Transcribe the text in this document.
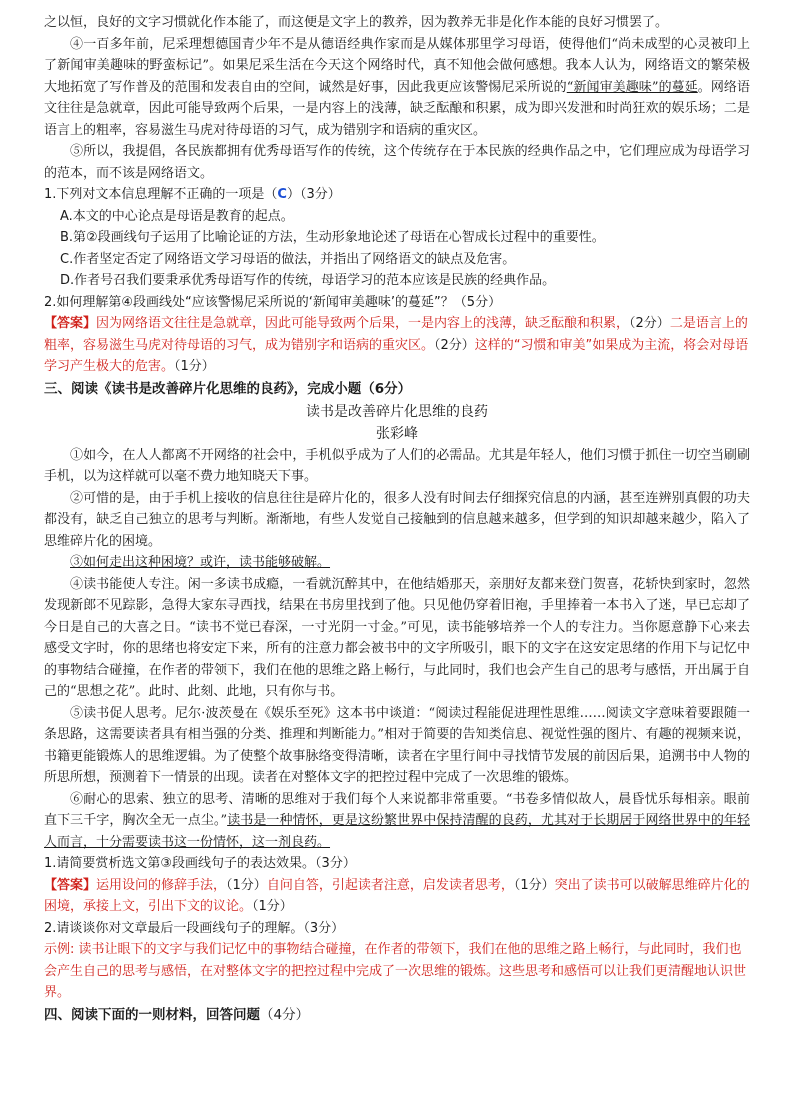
之以恒，良好的文字习惯就化作本能了，而这便是文字上的教养，因为教养无非是化作本能的良好习惯罢了。

④一百多年前，尼采理想德国青少年不是从德语经典作家而是从媒体那里学习母语，使得他们“尚未成型的心灵被印上了新闻审美趣味的野蛮标记”。如果尼采生活在今天这个网络时代，真不知他会做何感想。我本人认为，网络语文的繁荣极大地拓宽了写作普及的范围和发表自由的空间，诚然是好事，因此我更应该警惕尼采所说的“新闻审美趣味”的蔓延。网络语文往往是急就章，因此可能导致两个后果，一是内容上的浅薄，缺乏酝酿和积累，成为即兴发泄和时尚狂欢的娱乐场；二是语言上的粗率，容易滋生马虎对待母语的习气，成为错别字和语病的重灾区。

⑤所以，我提倡，各民族都拥有优秀母语写作的传统，这个传统存在于本民族的经典作品之中，它们理应成为母语学习的范本，而不该是网络语文。

1.下列对文本信息理解不正确的一项是（C）（3分）

A.本文的中心论点是母语是教育的起点。

B.第②段画线句子运用了比喻论证的方法，生动形象地论述了母语在心智成长过程中的重要性。

C.作者坚定否定了网络语文学习母语的做法，并指出了网络语文的缺点及危害。

D.作者号召我们要秉承优秀母语写作的传统，母语学习的范本应该是民族的经典作品。

2.如何理解第④段画线处“应该警惕尼采所说的‘新闻审美趣味’的蔓延”？（5分）

【答案】因为网络语文往往是急就章，因此可能导致两个后果，一是内容上的浅薄，缺乏酝酿和积累，（2分）二是语言上的粗率，容易滋生马虎对待母语的习气，成为错别字和语病的重灾区。（2分）这样的“习惯和审美”如果成为主流，将会对母语学习产生极大的危害。（1分）

三、阅读《读书是改善碎片化思维的良药》，完成小题（6分）

读书是改善碎片化思维的良药

张彩峰

①如今，在人人都离不开网络的社会中，手机似乎成为了人们的必需品。尤其是年轻人，他们习惯于抓住一切空当刷刷手机，以为这样就可以毫不费力地知晓天下事。

②可惜的是，由于手机上接收的信息往往是碎片化的，很多人没有时间去仔细探究信息的内涵，甚至连辨别真假的功夫都没有，缺乏自己独立的思考与判断。渐渐地，有些人发觉自己接触到的信息越来越多，但学到的知识却越来越少，陷入了思维碎片化的困境。

③如何走出这种困境？或许，读书能够破解。

④读书能使人专注。闲一多读书成瘾，一看就沉醉其中，在他结婚那天，亲朋好友都来登门贺喜，花轿快到家时，忽然发现新郎不见踪影，急得大家东寻西找，结果在书房里找到了他。只见他仍穿着旧袍，手里捧着一本书入了迷，早已忘却了今日是自己的大喜之日。“读书不觉已春深，一寸光阴一寸金。”可见，读书能够培养一个人的专注力。当你愿意静下心来去感受文字时，你的思绪也将安定下来，所有的注意力都会被书中的文字所吸引，眼下的文字在这安定思绪的作用下与记忆中的事物结合碰撞，在作者的带领下，我们在他的思维之路上畅行，与此同时，我们也会产生自己的思考与感悟，开出属于自己的“思想之花”。此时、此刻、此地，只有你与书。

⑤读书促人思考。尼尔·波茨曼在《娱乐至死》这本书中谈道：“阅读过程能促进理性思维……阅读文字意味着要跟随一条思路，这需要读者具有相当强的分类、推理和判断能力。”相对于简要的告知类信息、视觉性强的图片、有趣的视频来说，书籍更能锻炼人的思维逻辑。为了使整个故事脉络变得清晰，读者在字里行间中寻找情节发展的前因后果，追溯书中人物的所思所想，预测着下一情景的出现。读者在对整体文字的把控过程中完成了一次思维的锻炼。

⑥耐心的思索、独立的思考、清晰的思维对于我们每个人来说都非常重要。“书卷多情似故人，晨昏忧乐每相亲。眼前直下三千字，胸次全无一点尘。”读书是一种情怀，更是这纷繁世界中保持清醒的良药，尤其对于长期居于网络世界中的年轻人而言，十分需要读书这一份情怀，这一剂良药。

1.请简要赏析选文第③段画线句子的表达效果。（3分）

【答案】运用设问的修辞手法，（1分）自问自答，引起读者注意，启发读者思考，（1分）突出了读书可以破解思维碎片化的困境，承接上文，引出下文的议论。（1分）

2.请谈谈你对文章最后一段画线句子的理解。（3分）

示例: 读书让眼下的文字与我们记忆中的事物结合碰撞，在作者的带领下，我们在他的思维之路上畅行，与此同时，我们也会产生自己的思考与感悟，在对整体文字的把控过程中完成了一次思维的锻炼。这些思考和感悟可以让我们更清醒地认识世界。

四、阅读下面的一则材料，回答问题（4分）
